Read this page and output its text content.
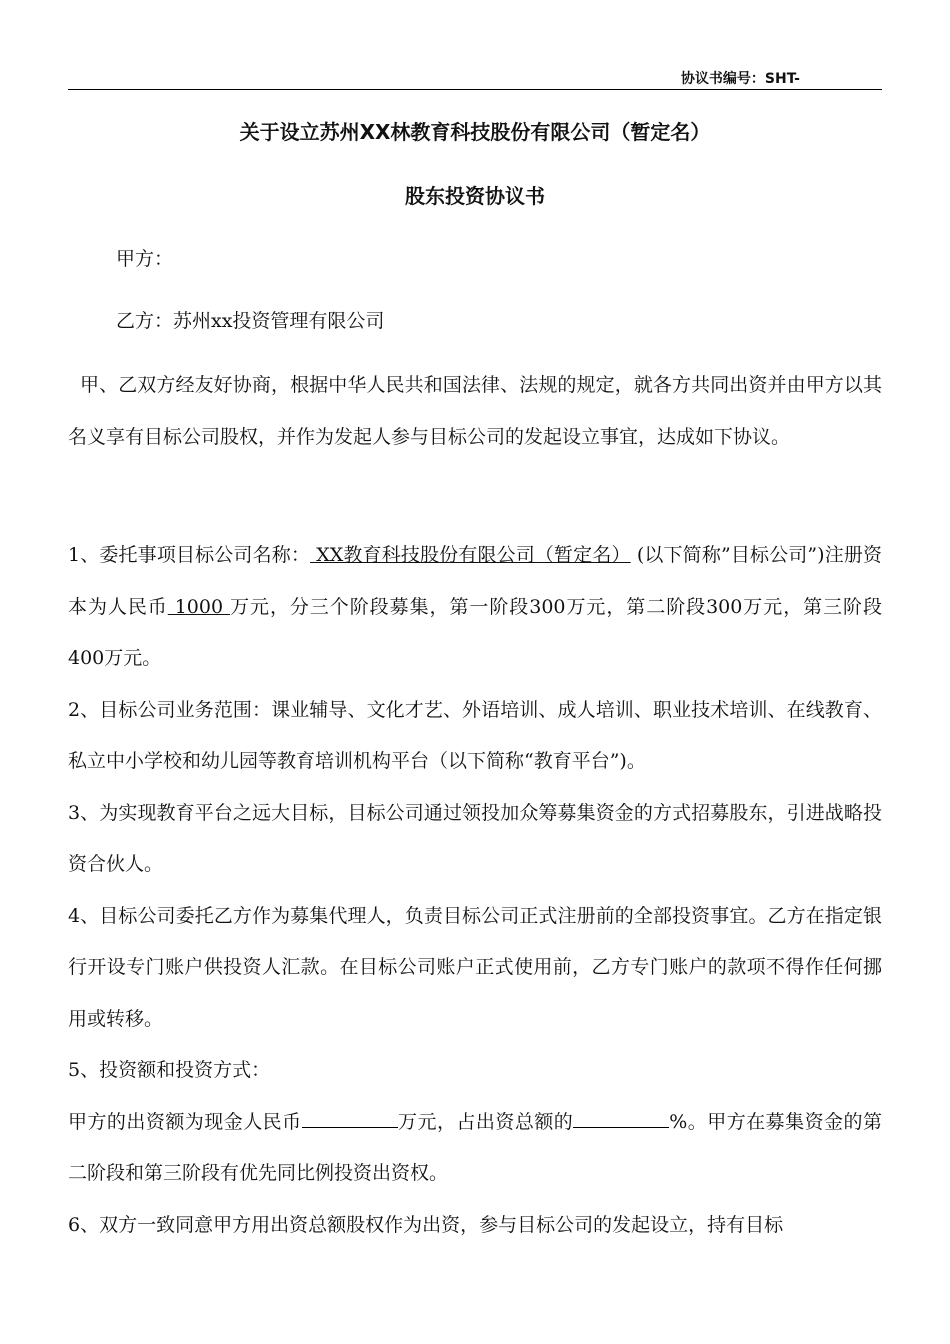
协议书编号：SHT-
关于设立苏州XX林教育科技股份有限公司（暂定名）
股东投资协议书
甲方：
乙方：苏州xx投资管理有限公司

甲、乙双方经友好协商，根据中华人民共和国法律、法规的规定，就各方共同出资并由甲方以其名义享有目标公司股权，并作为发起人参与目标公司的发起设立事宜，达成如下协议。

1、委托事项目标公司名称： XX教育科技股份有限公司（暂定名） (以下简称”目标公司”)注册资本为人民币 1000 万元，分三个阶段募集，第一阶段300万元，第二阶段300万元，第三阶段400万元。

2、目标公司业务范围：课业辅导、文化才艺、外语培训、成人培训、职业技术培训、在线教育、私立中小学校和幼儿园等教育培训机构平台（以下简称“教育平台”)。

3、为实现教育平台之远大目标，目标公司通过领投加众筹募集资金的方式招募股东，引进战略投资合伙人。

4、目标公司委托乙方作为募集代理人，负责目标公司正式注册前的全部投资事宜。乙方在指定银行开设专门账户供投资人汇款。在目标公司账户正式使用前，乙方专门账户的款项不得作任何挪用或转移。

5、投资额和投资方式：

甲方的出资额为现金人民币	万元，占出资总额的	%。甲方在募集资金的第二阶段和第三阶段有优先同比例投资出资权。

6、双方一致同意甲方用出资总额股权作为出资，参与目标公司的发起设立，持有目标
